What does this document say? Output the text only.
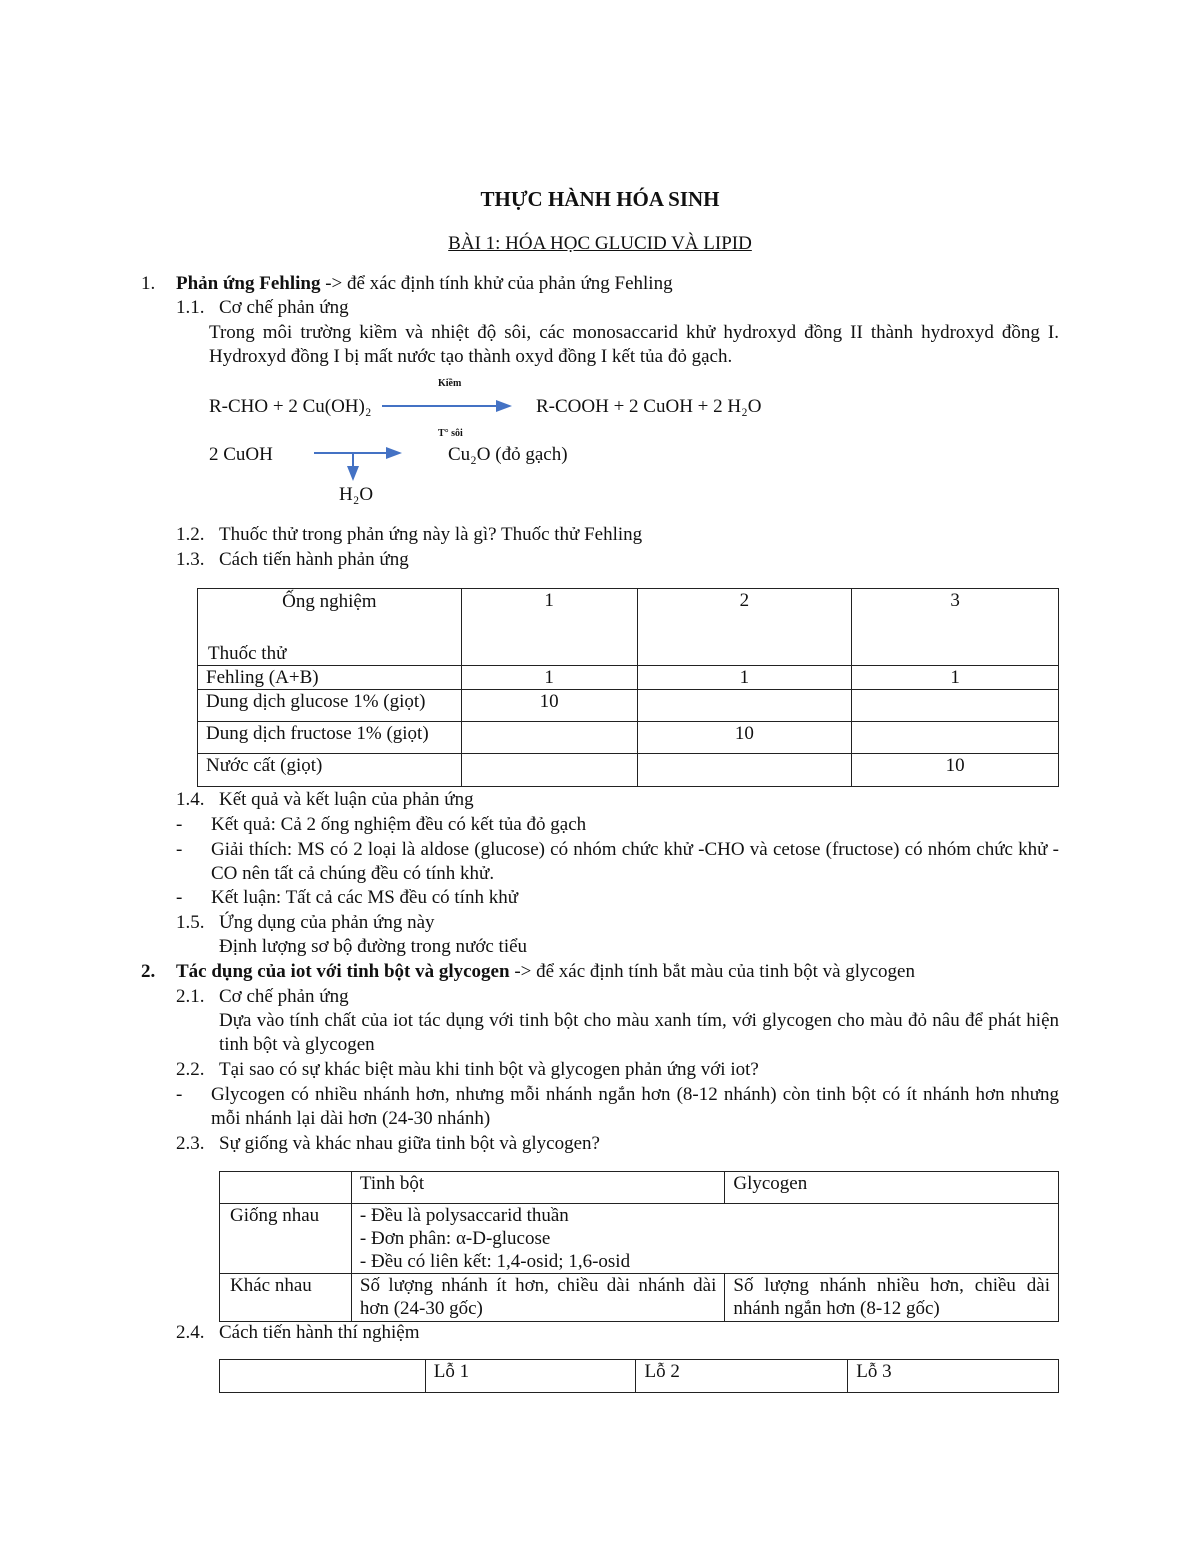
THỰC HÀNH HÓA SINH
BÀI 1: HÓA HỌC GLUCID VÀ LIPID
1. Phản ứng Fehling -> để xác định tính khử của phản ứng Fehling
1.1. Cơ chế phản ứng
Trong môi trường kiềm và nhiệt độ sôi, các monosaccarid khử hydroxyd đồng II thành hydroxyd đồng I. Hydroxyd đồng I bị mất nước tạo thành oxyd đồng I kết tủa đỏ gạch.
R-CHO + 2 Cu(OH)₂
Kiềm
T° sôi
R-COOH + 2 CuOH + 2 H₂O
2 CuOH	Cu₂O (đỏ gạch)
H₂O
1.2. Thuốc thử trong phản ứng này là gì? Thuốc thử Fehling
1.3. Cách tiến hành phản ứng
Ống nghiệm
Thuốc thử	1	2	3
Fehling (A+B)	1	1	1
Dung dịch glucose 1% (giọt)	10		
Dung dịch fructose 1% (giọt)		10	
Nước cất (giọt)			10
1.4. Kết quả và kết luận của phản ứng
- Kết quả: Cả 2 ống nghiệm đều có kết tủa đỏ gạch
- Giải thích: MS có 2 loại là aldose (glucose) có nhóm chức khử -CHO và cetose (fructose) có nhóm chức khử -CO nên tất cả chúng đều có tính khử.
- Kết luận: Tất cả các MS đều có tính khử
1.5. Ứng dụng của phản ứng này
Định lượng sơ bộ đường trong nước tiểu
2. Tác dụng của iot với tinh bột và glycogen -> để xác định tính bắt màu của tinh bột và glycogen
2.1. Cơ chế phản ứng
Dựa vào tính chất của iot tác dụng với tinh bột cho màu xanh tím, với glycogen cho màu đỏ nâu để phát hiện tinh bột và glycogen
2.2. Tại sao có sự khác biệt màu khi tinh bột và glycogen phản ứng với iot?
- Glycogen có nhiều nhánh hơn, nhưng mỗi nhánh ngắn hơn (8-12 nhánh) còn tinh bột có ít nhánh hơn nhưng mỗi nhánh lại dài hơn (24-30 nhánh)
2.3. Sự giống và khác nhau giữa tinh bột và glycogen?
	Tinh bột	Glycogen
Giống nhau	- Đều là polysaccarid thuần
- Đơn phân: α-D-glucose
- Đều có liên kết: 1,4-osid; 1,6-osid	

Khác nhau	Số lượng nhánh ít hơn, chiều dài nhánh dài hơn (24-30 gốc)	Số lượng nhánh nhiều hơn, chiều dài nhánh ngắn hơn (8-12 gốc)
2.4. Cách tiến hành thí nghiệm
	Lỗ 1	Lỗ 2	Lỗ 3
